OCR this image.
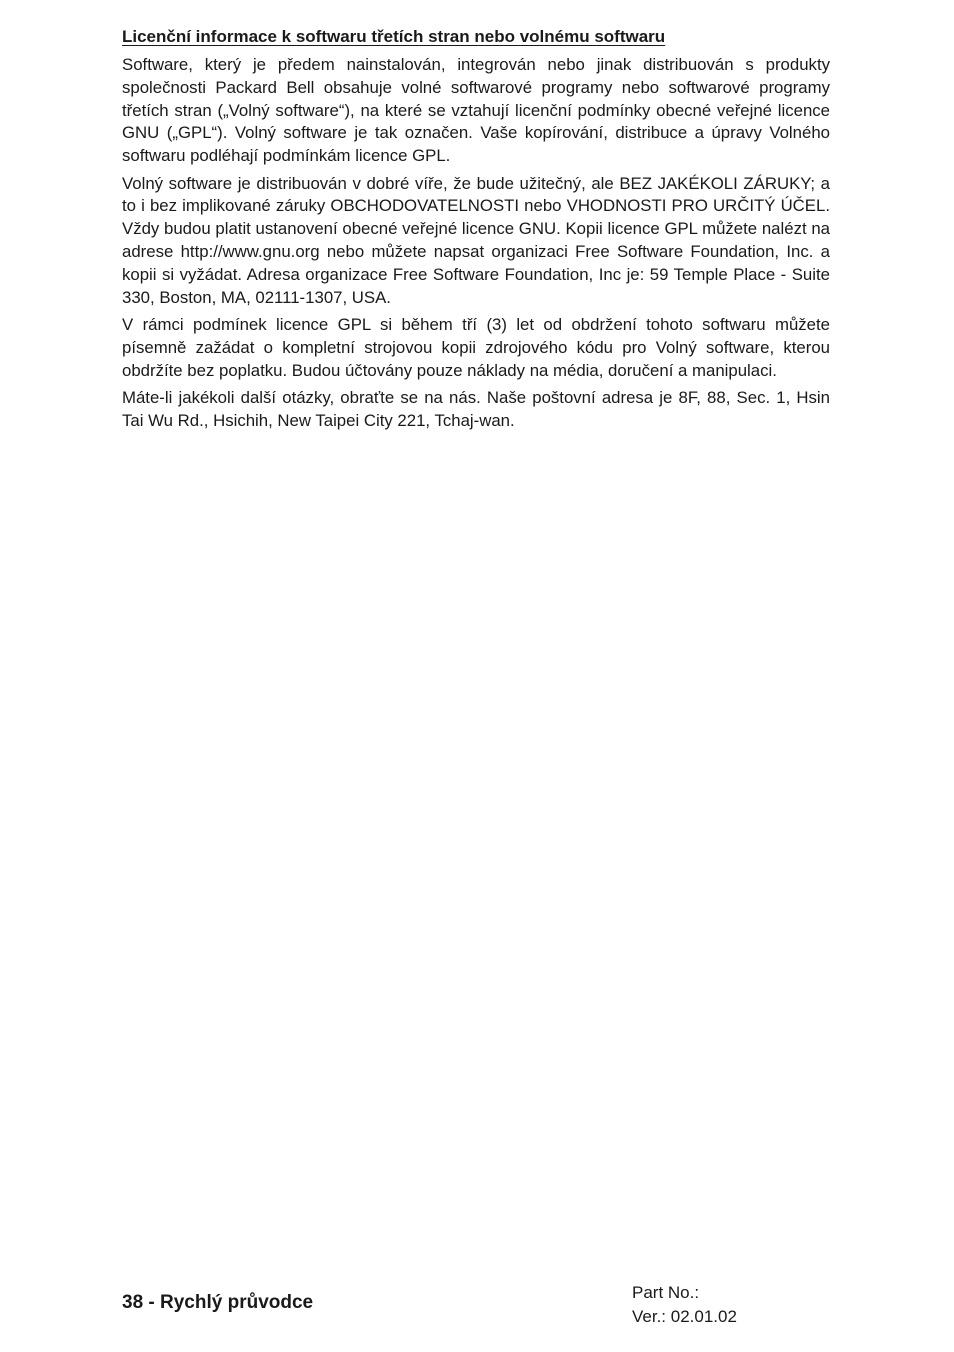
Licenční informace k softwaru třetích stran nebo volnému softwaru

Software, který je předem nainstalován, integrován nebo jinak distribuován s produkty společnosti Packard Bell obsahuje volné softwarové programy nebo softwarové programy třetích stran („Volný software“), na které se vztahují licenční podmínky obecné veřejné licence GNU („GPL“). Volný software je tak označen. Vaše kopírování, distribuce a úpravy Volného softwaru podléhají podmínkám licence GPL.

Volný software je distribuován v dobré víře, že bude užitečný, ale BEZ JAKÉKOLI ZÁRUKY; a to i bez implikované záruky OBCHODOVATELNOSTI nebo VHODNOSTI PRO URČITÝ ÚČEL. Vždy budou platit ustanovení obecné veřejné licence GNU. Kopii licence GPL můžete nalézt na adrese http://www.gnu.org nebo můžete napsat organizaci Free Software Foundation, Inc. a kopii si vyžádat. Adresa organizace Free Software Foundation, Inc je: 59 Temple Place - Suite 330, Boston, MA, 02111-1307, USA.

V rámci podmínek licence GPL si během tří (3) let od obdržení tohoto softwaru můžete písemně zažádat o kompletní strojovou kopii zdrojového kódu pro Volný software, kterou obdržíte bez poplatku. Budou účtovány pouze náklady na média, doručení a manipulaci.

Máte-li jakékoli další otázky, obraťte se na nás. Naše poštovní adresa je 8F, 88, Sec. 1, Hsin Tai Wu Rd., Hsichih, New Taipei City 221, Tchaj-wan.

38 - Rychlý průvodce	Part No.:
Ver.: 02.01.02
